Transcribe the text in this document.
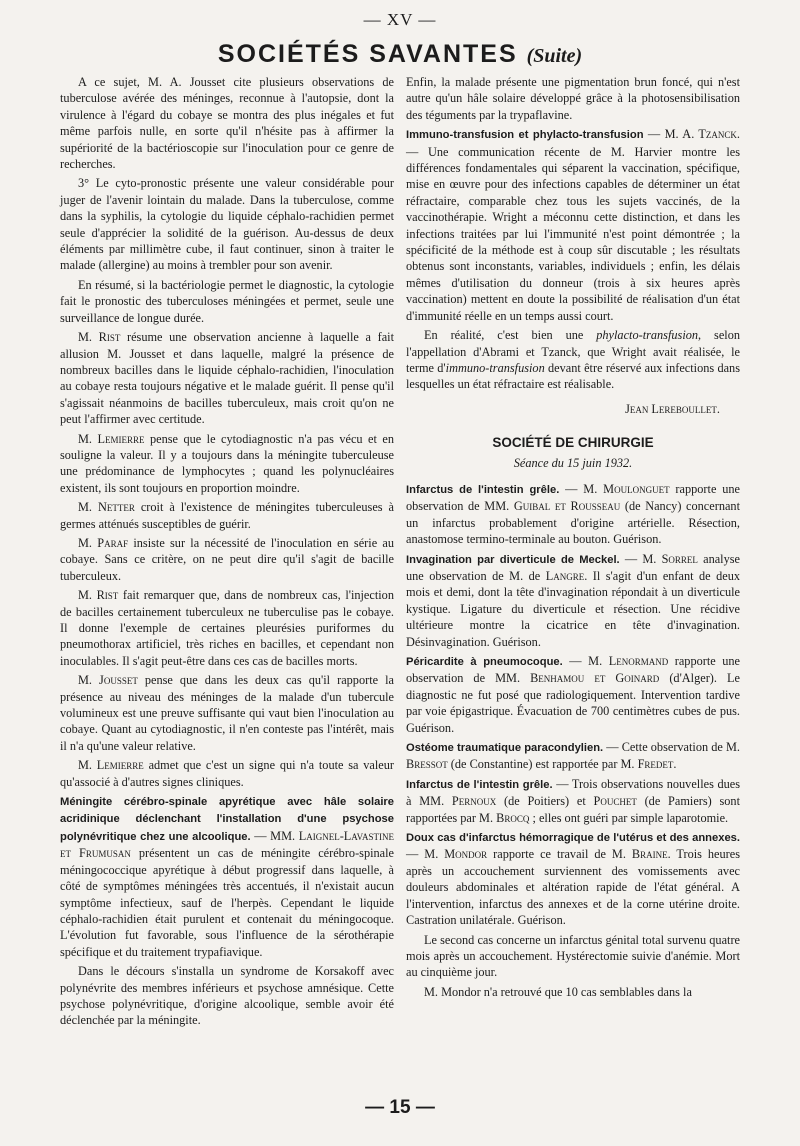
— XV —
SOCIÉTÉS SAVANTES (Suite)

A ce sujet, M. A. Jousset cite plusieurs observations de tuberculose avérée des méninges, reconnue à l'autopsie, dont la virulence à l'égard du cobaye se montra des plus inégales et fut même parfois nulle, en sorte qu'il n'hésite pas à affirmer la supériorité de la bactérioscopie sur l'inoculation pour ce genre de recherches.

3° Le cyto-pronostic présente une valeur considérable pour juger de l'avenir lointain du malade. Dans la tuberculose, comme dans la syphilis, la cytologie du liquide céphalo-rachidien permet seule d'apprécier la solidité de la guérison. Au-dessus de deux éléments par millimètre cube, il faut continuer, sinon à traiter le malade (allergine) au moins à trembler pour son avenir.

En résumé, si la bactériologie permet le diagnostic, la cytologie fait le pronostic des tuberculoses méningées et permet, seule une surveillance de longue durée.

M. Rist résume une observation ancienne à laquelle a fait allusion M. Jousset et dans laquelle, malgré la présence de nombreux bacilles dans le liquide céphalo-rachidien, l'inoculation au cobaye resta toujours négative et le malade guérit. Il pense qu'il s'agissait néanmoins de bacilles tuberculeux, mais croit qu'on ne peut l'affirmer avec certitude.

M. Lemierre pense que le cytodiagnostic n'a pas vécu et en souligne la valeur. Il y a toujours dans la méningite tuberculeuse une prédominance de lymphocytes ; quand les polynucléaires existent, ils sont toujours en proportion moindre.

M. Netter croit à l'existence de méningites tuberculeuses à germes atténués susceptibles de guérir.

M. Paraf insiste sur la nécessité de l'inoculation en série au cobaye. Sans ce critère, on ne peut dire qu'il s'agit de bacille tuberculeux.

M. Rist fait remarquer que, dans de nombreux cas, l'injection de bacilles certainement tuberculeux ne tuberculise pas le cobaye. Il donne l'exemple de certaines pleurésies puriformes du pneumothorax artificiel, très riches en bacilles, et cependant non inoculables. Il s'agit peut-être dans ces cas de bacilles morts.

M. Jousset pense que dans les deux cas qu'il rapporte la présence au niveau des méninges de la malade d'un tubercule volumineux est une preuve suffisante qui vaut bien l'inoculation au cobaye. Quant au cytodiagnostic, il n'en conteste pas l'intérêt, mais il n'a qu'une valeur relative.

M. Lemierre admet que c'est un signe qui n'a toute sa valeur qu'associé à d'autres signes cliniques.

Méningite cérébro-spinale apyrétique avec hâle solaire acridinique déclenchant l'installation d'une psychose polynévritique chez une alcoolique. — MM. Laignel-Lavastine et Frumusan présentent un cas de méningite cérébro-spinale méningococcique apyrétique à début progressif dans laquelle, à côté de symptômes méningées très accentués, il n'existait aucun symptôme infectieux, sauf de l'herpès. Cependant le liquide céphalo-rachidien était purulent et contenait du méningocoque. L'évolution fut favorable, sous l'influence de la sérothérapie spécifique et du traitement trypafiavique.

Dans le décours s'installa un syndrome de Korsakoff avec polynévrite des membres inférieurs et psychose amnésique. Cette psychose polynévritique, d'origine alcoolique, semble avoir été déclenchée par la méningite.

Enfin, la malade présente une pigmentation brun foncé, qui n'est autre qu'un hâle solaire développé grâce à la photosensibilisation des téguments par la trypaflavine.

Immuno-transfusion et phylacto-transfusion — M. A. Tzanck. — Une communication récente de M. Harvier montre les différences fondamentales qui séparent la vaccination, spécifique, mise en œuvre pour des infections capables de déterminer un état réfractaire, comparable chez tous les sujets vaccinés, de la vaccinothérapie. Wright a méconnu cette distinction, et dans les infections traitées par lui l'immunité n'est point démontrée ; la spécificité de la méthode est à coup sûr discutable ; les résultats obtenus sont inconstants, variables, individuels ; enfin, les délais mêmes d'utilisation du donneur (trois à six heures après vaccination) mettent en doute la possibilité de réalisation d'un état d'immunité réelle en un temps aussi court.

En réalité, c'est bien une phylacto-transfusion, selon l'appellation d'Abrami et Tzanck, que Wright avait réalisée, le terme d'immuno-transfusion devant être réservé aux infections dans lesquelles un état réfractaire est réalisable.

Jean Lereboullet.
SOCIÉTÉ DE CHIRURGIE
Séance du 15 juin 1932.

Infarctus de l'intestin grêle. — M. Moulonguet rapporte une observation de MM. Guibal et Rousseau (de Nancy) concernant un infarctus probablement d'origine artérielle. Résection, anastomose termino-terminale au bouton. Guérison.

Invagination par diverticule de Meckel. — M. Sorrel analyse une observation de M. de Langre. Il s'agit d'un enfant de deux mois et demi, dont la tête d'invagination répondait à un diverticule kystique. Ligature du diverticule et résection. Une récidive ultérieure montre la cicatrice en tête d'invagination. Désinvagination. Guérison.

Péricardite à pneumocoque. — M. Lenormand rapporte une observation de MM. Benhamou et Goinard (d'Alger). Le diagnostic ne fut posé que radiologiquement. Intervention tardive par voie épigastrique. Évacuation de 700 centimètres cubes de pus. Guérison.

Ostéome traumatique paracondylien. — Cette observation de M. Bressot (de Constantine) est rapportée par M. Fredet.

Infarctus de l'intestin grêle. — Trois observations nouvelles dues à MM. Pernoux (de Poitiers) et Pouchet (de Pamiers) sont rapportées par M. Brocq ; elles ont guéri par simple laparotomie.

Doux cas d'infarctus hémorragique de l'utérus et des annexes. — M. Mondor rapporte ce travail de M. Braine. Trois heures après un accouchement surviennent des vomissements avec douleurs abdominales et altération rapide de l'état général. A l'intervention, infarctus des annexes et de la corne utérine droite. Castration unilatérale. Guérison.

Le second cas concerne un infarctus génital total survenu quatre mois après un accouchement. Hystérectomie suivie d'anémie. Mort au cinquième jour.

M. Mondor n'a retrouvé que 10 cas semblables dans la

— 15 —
